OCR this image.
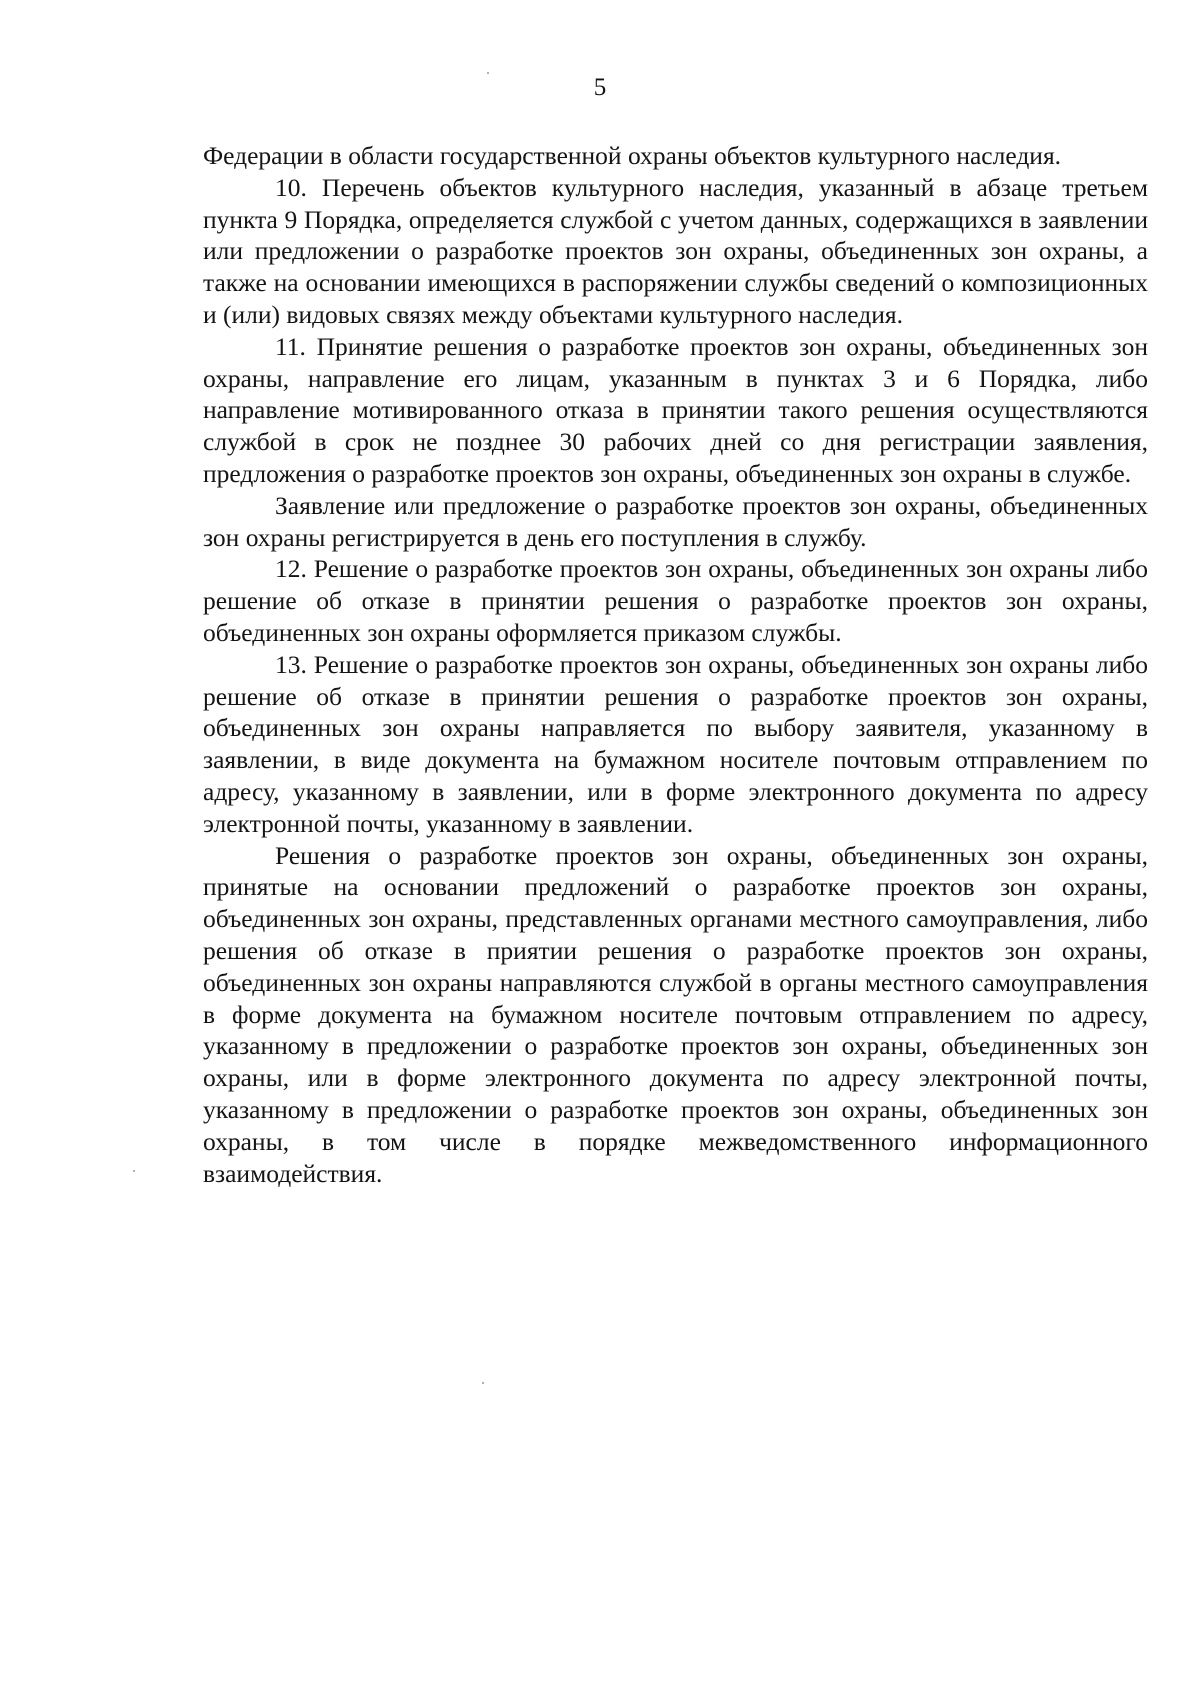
5

Федерации в области государственной охраны объектов культурного наследия.

10. Перечень объектов культурного наследия, указанный в абзаце третьем пункта 9 Порядка, определяется службой с учетом данных, содержащихся в заявлении или предложении о разработке проектов зон охраны, объединенных зон охраны, а также на основании имеющихся в распоряжении службы сведений о композиционных и (или) видовых связях между объектами культурного наследия.

11. Принятие решения о разработке проектов зон охраны, объединенных зон охраны, направление его лицам, указанным в пунктах 3 и 6 Порядка, либо направление мотивированного отказа в принятии такого решения осуществляются службой в срок не позднее 30 рабочих дней со дня регистрации заявления, предложения о разработке проектов зон охраны, объединенных зон охраны в службе.

Заявление или предложение о разработке проектов зон охраны, объединенных зон охраны регистрируется в день его поступления в службу.

12. Решение о разработке проектов зон охраны, объединенных зон охраны либо решение об отказе в принятии решения о разработке проектов зон охраны, объединенных зон охраны оформляется приказом службы.

13. Решение о разработке проектов зон охраны, объединенных зон охраны либо решение об отказе в принятии решения о разработке проектов зон охраны, объединенных зон охраны направляется по выбору заявителя, указанному в заявлении, в виде документа на бумажном носителе почтовым отправлением по адресу, указанному в заявлении, или в форме электронного документа по адресу электронной почты, указанному в заявлении.

Решения о разработке проектов зон охраны, объединенных зон охраны, принятые на основании предложений о разработке проектов зон охраны, объединенных зон охраны, представленных органами местного самоуправления, либо решения об отказе в приятии решения о разработке проектов зон охраны, объединенных зон охраны направляются службой в органы местного самоуправления в форме документа на бумажном носителе почтовым отправлением по адресу, указанному в предложении о разработке проектов зон охраны, объединенных зон охраны, или в форме электронного документа по адресу электронной почты, указанному в предложении о разработке проектов зон охраны, объединенных зон охраны, в том числе в порядке межведомственного информационного взаимодействия.
